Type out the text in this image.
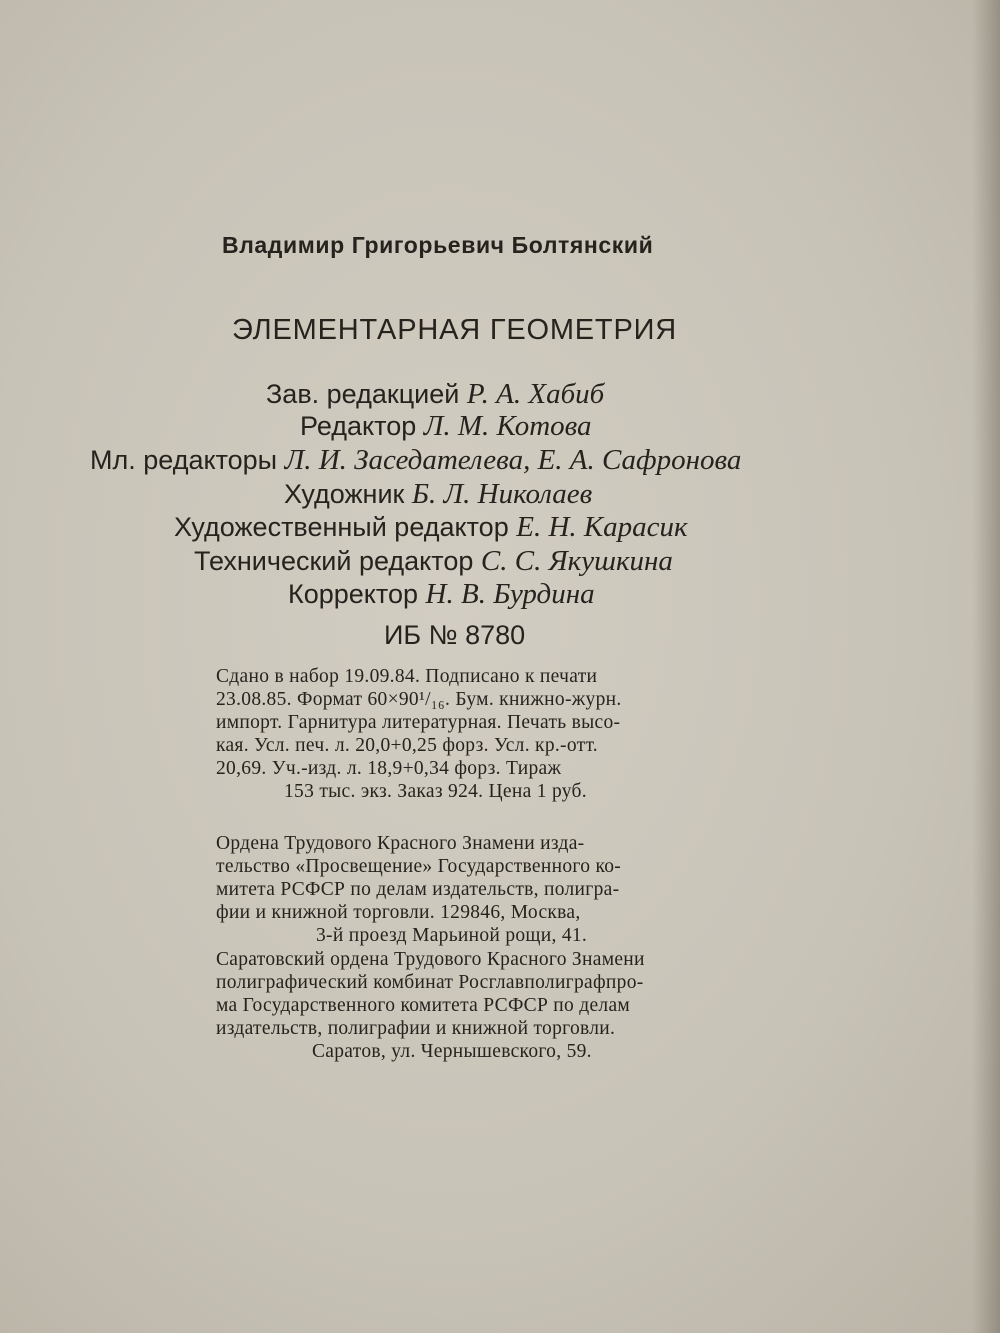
Владимир Григорьевич Болтянский
ЭЛЕМЕНТАРНАЯ ГЕОМЕТРИЯ
Зав. редакцией Р. А. Хабиб
Редактор Л. М. Котова
Мл. редакторы Л. И. Заседателева, Е. А. Сафронова
Художник Б. Л. Николаев
Художественный редактор Е. Н. Карасик
Технический редактор С. С. Якушкина
Корректор Н. В. Бурдина
ИБ № 8780
Сдано в набор 19.09.84. Подписано к печати
23.08.85. Формат 60×90¹/₁₆. Бум. книжно-журн.
импорт. Гарнитура литературная. Печать высо-
кая. Усл. печ. л. 20,0+0,25 форз. Усл. кр.-отт.
20,69. Уч.-изд. л. 18,9+0,34 форз. Тираж
153 тыс. экз. Заказ 924. Цена 1 руб.
Ордена Трудового Красного Знамени изда-
тельство «Просвещение» Государственного ко-
митета РСФСР по делам издательств, полигра-
фии и книжной торговли. 129846, Москва,
3-й проезд Марьиной рощи, 41.
Саратовский ордена Трудового Красного Знамени
полиграфический комбинат Росглавполиграфпро-
ма Государственного комитета РСФСР по делам
издательств, полиграфии и книжной торговли.
Саратов, ул. Чернышевского, 59.
